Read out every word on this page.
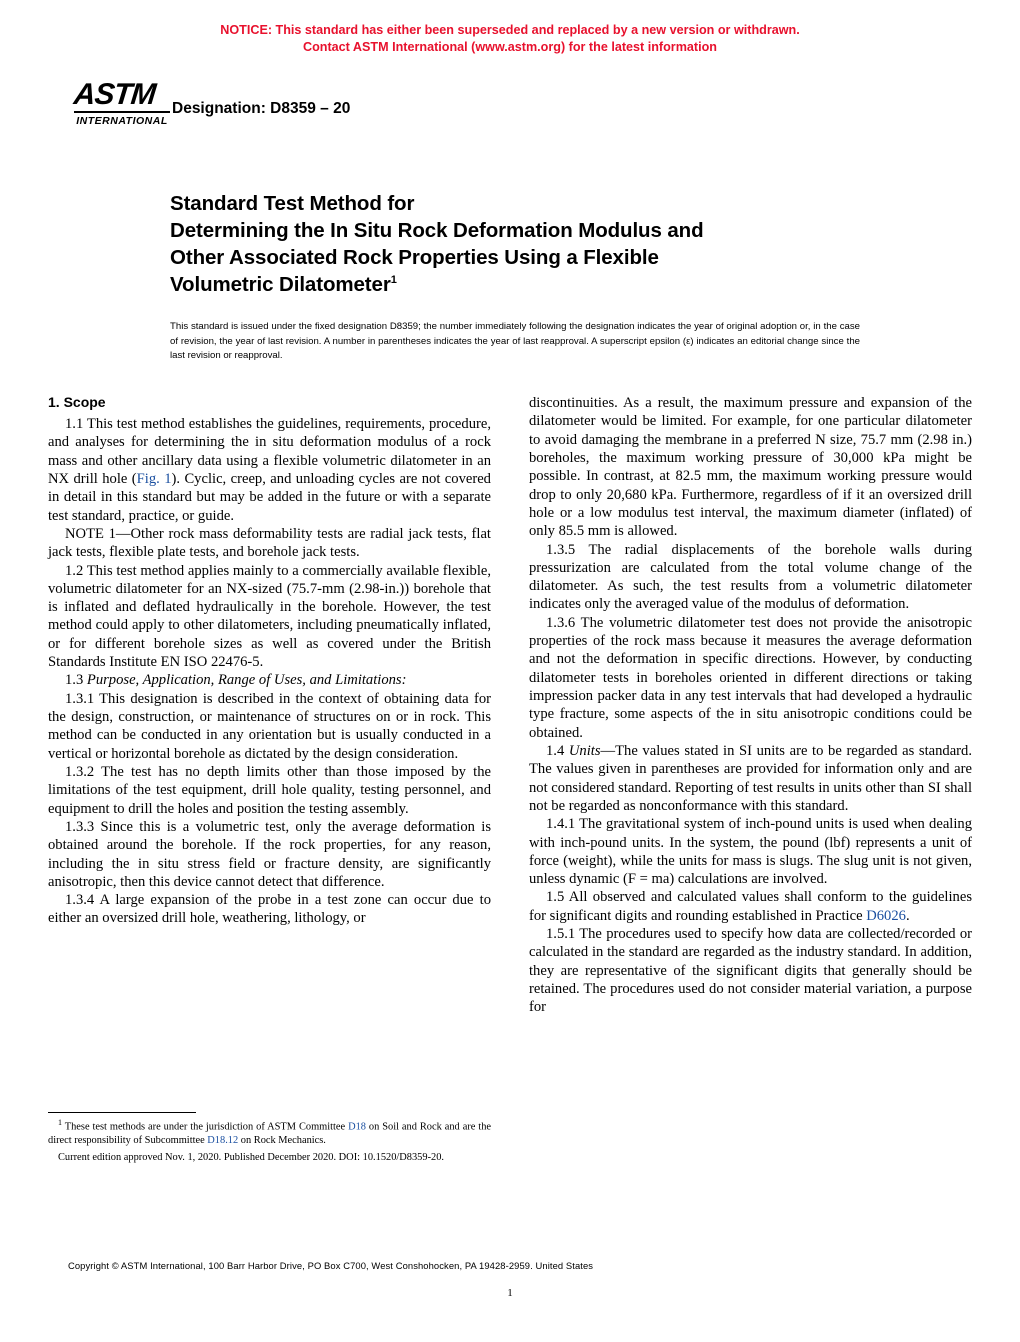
NOTICE: This standard has either been superseded and replaced by a new version or withdrawn.
Contact ASTM International (www.astm.org) for the latest information
ASTM
INTERNATIONAL
Designation: D8359 – 20
Standard Test Method for
Determining the In Situ Rock Deformation Modulus and
Other Associated Rock Properties Using a Flexible
Volumetric Dilatometer$^1$
This standard is issued under the fixed designation D8359; the number immediately following the designation indicates the year of original adoption or, in the case of revision, the year of last revision. A number in parentheses indicates the year of last reapproval. A superscript epsilon (ε) indicates an editorial change since the last revision or reapproval.
1. Scope

1.1 This test method establishes the guidelines, requirements, procedure, and analyses for determining the in situ deformation modulus of a rock mass and other ancillary data using a flexible volumetric dilatometer in an NX drill hole (Fig. 1). Cyclic, creep, and unloading cycles are not covered in detail in this standard but may be added in the future or with a separate test standard, practice, or guide.

NOTE 1—Other rock mass deformability tests are radial jack tests, flat jack tests, flexible plate tests, and borehole jack tests.

1.2 This test method applies mainly to a commercially available flexible, volumetric dilatometer for an NX-sized (75.7-mm (2.98-in.)) borehole that is inflated and deflated hydraulically in the borehole. However, the test method could apply to other dilatometers, including pneumatically inflated, or for different borehole sizes as well as covered under the British Standards Institute EN ISO 22476-5.

1.3 Purpose, Application, Range of Uses, and Limitations:

1.3.1 This designation is described in the context of obtaining data for the design, construction, or maintenance of structures on or in rock. This method can be conducted in any orientation but is usually conducted in a vertical or horizontal borehole as dictated by the design consideration.

1.3.2 The test has no depth limits other than those imposed by the limitations of the test equipment, drill hole quality, testing personnel, and equipment to drill the holes and position the testing assembly.

1.3.3 Since this is a volumetric test, only the average deformation is obtained around the borehole. If the rock properties, for any reason, including the in situ stress field or fracture density, are significantly anisotropic, then this device cannot detect that difference.

1.3.4 A large expansion of the probe in a test zone can occur due to either an oversized drill hole, weathering, lithology, or

discontinuities. As a result, the maximum pressure and expansion of the dilatometer would be limited. For example, for one particular dilatometer to avoid damaging the membrane in a preferred N size, 75.7 mm (2.98 in.) boreholes, the maximum working pressure of 30,000 kPa might be possible. In contrast, at 82.5 mm, the maximum working pressure would drop to only 20,680 kPa. Furthermore, regardless of if it an oversized drill hole or a low modulus test interval, the maximum diameter (inflated) of only 85.5 mm is allowed.

1.3.5 The radial displacements of the borehole walls during pressurization are calculated from the total volume change of the dilatometer. As such, the test results from a volumetric dilatometer indicates only the averaged value of the modulus of deformation.

1.3.6 The volumetric dilatometer test does not provide the anisotropic properties of the rock mass because it measures the average deformation and not the deformation in specific directions. However, by conducting dilatometer tests in boreholes oriented in different directions or taking impression packer data in any test intervals that had developed a hydraulic type fracture, some aspects of the in situ anisotropic conditions could be obtained.

1.4 Units—The values stated in SI units are to be regarded as standard. The values given in parentheses are provided for information only and are not considered standard. Reporting of test results in units other than SI shall not be regarded as nonconformance with this standard.

1.4.1 The gravitational system of inch-pound units is used when dealing with inch-pound units. In the system, the pound (lbf) represents a unit of force (weight), while the units for mass is slugs. The slug unit is not given, unless dynamic (F = ma) calculations are involved.

1.5 All observed and calculated values shall conform to the guidelines for significant digits and rounding established in Practice D6026.

1.5.1 The procedures used to specify how data are collected/recorded or calculated in the standard are regarded as the industry standard. In addition, they are representative of the significant digits that generally should be retained. The procedures used do not consider material variation, a purpose for

$^1$ These test methods are under the jurisdiction of ASTM Committee D18 on Soil and Rock and are the direct responsibility of Subcommittee D18.12 on Rock Mechanics.

Current edition approved Nov. 1, 2020. Published December 2020. DOI: 10.1520/D8359-20.

Copyright © ASTM International, 100 Barr Harbor Drive, PO Box C700, West Conshohocken, PA 19428-2959. United States
1
